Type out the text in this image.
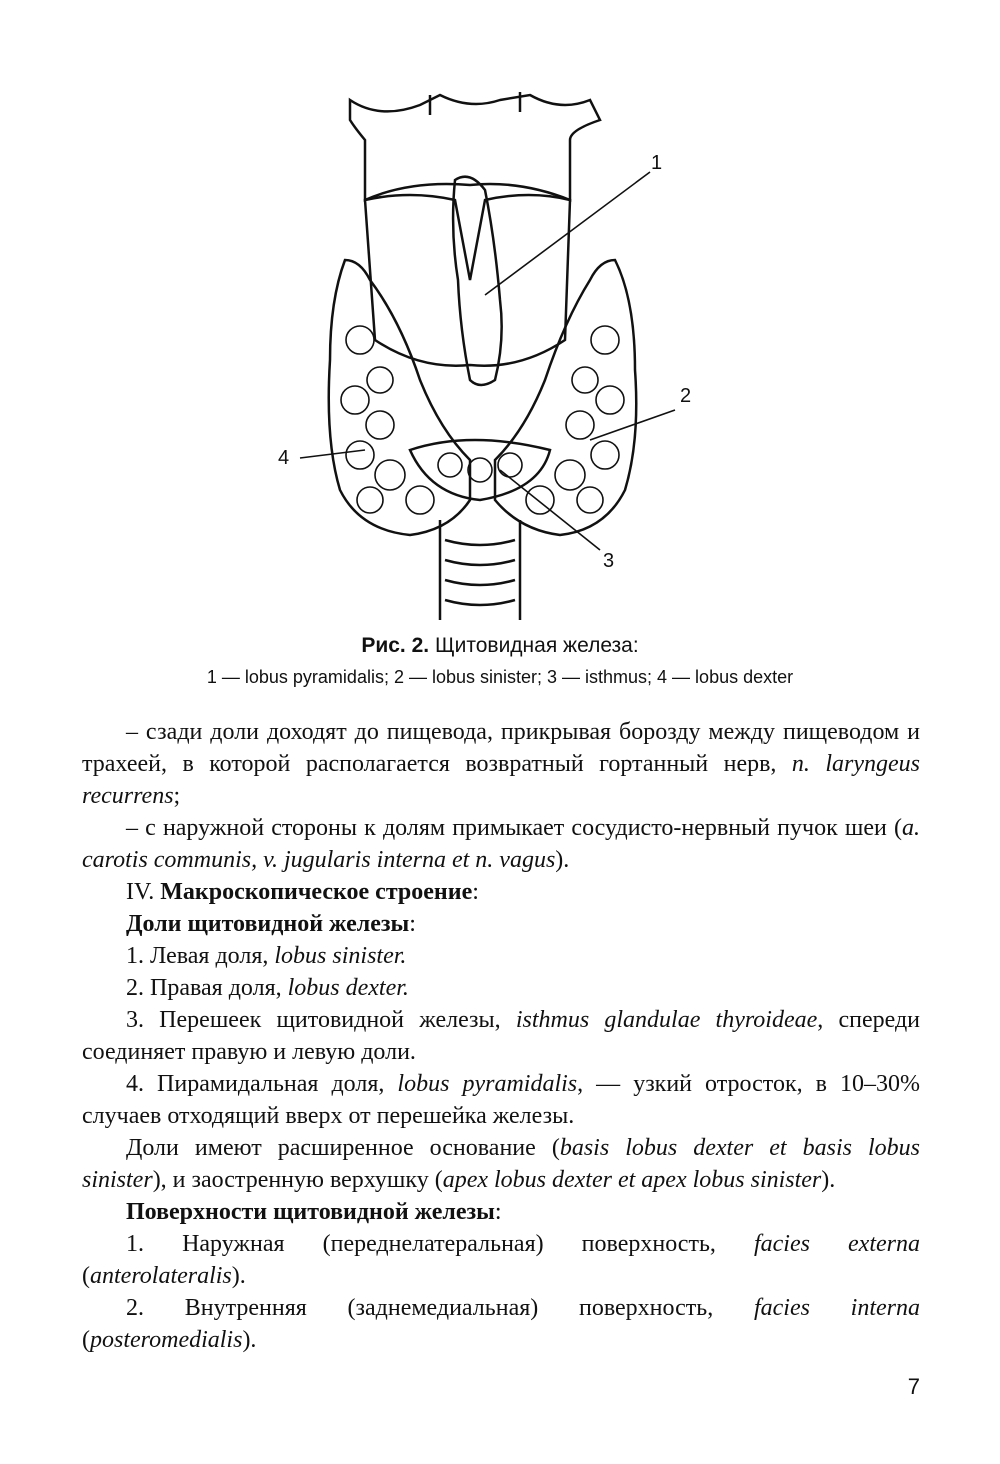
1
2
3
4
Рис. 2. Щитовидная железа:
1 — lobus pyramidalis; 2 — lobus sinister; 3 — isthmus; 4 — lobus dexter

– сзади доли доходят до пищевода, прикрывая борозду между пищеводом и трахеей, в которой располагается возвратный гортанный нерв, n. laryngeus recurrens;

– с наружной стороны к долям примыкает сосудисто-нервный пучок шеи (a. carotis communis, v. jugularis interna et n. vagus).

IV. Макроскопическое строение:

Доли щитовидной железы:

1. Левая доля, lobus sinister.

2. Правая доля, lobus dexter.

3. Перешеек щитовидной железы, isthmus glandulae thyroideae, спереди соединяет правую и левую доли.

4. Пирамидальная доля, lobus pyramidalis, — узкий отросток, в 10–30% случаев отходящий вверх от перешейка железы.

Доли имеют расширенное основание (basis lobus dexter et basis lobus sinister), и заостренную верхушку (apex lobus dexter et apex lobus sinister).

Поверхности щитовидной железы:

1. Наружная (переднелатеральная) поверхность, facies externa (anterolateralis).

2. Внутренняя (заднемедиальная) поверхность, facies interna (posteromedialis).

7
